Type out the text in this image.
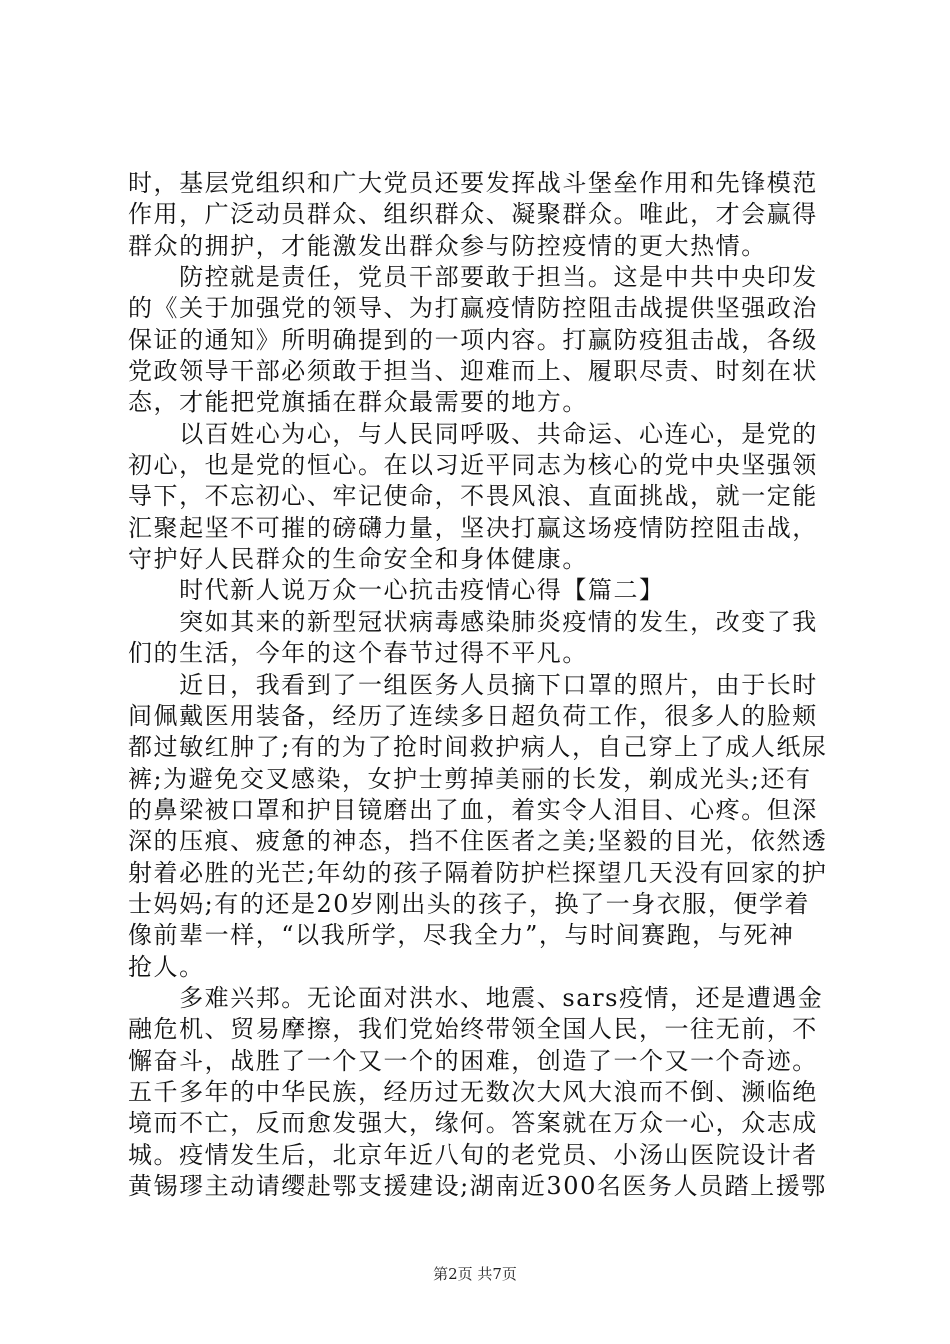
时，基层党组织和广大党员还要发挥战斗堡垒作用和先锋模范
作用，广泛动员群众、组织群众、凝聚群众。唯此，才会赢得
群众的拥护，才能激发出群众参与防控疫情的更大热情。
　　防控就是责任，党员干部要敢于担当。这是中共中央印发
的《关于加强党的领导、为打赢疫情防控阻击战提供坚强政治
保证的通知》所明确提到的一项内容。打赢防疫狙击战，各级
党政领导干部必须敢于担当、迎难而上、履职尽责、时刻在状
态，才能把党旗插在群众最需要的地方。
　　以百姓心为心，与人民同呼吸、共命运、心连心，是党的
初心，也是党的恒心。在以习近平同志为核心的党中央坚强领
导下，不忘初心、牢记使命，不畏风浪、直面挑战，就一定能
汇聚起坚不可摧的磅礴力量，坚决打赢这场疫情防控阻击战，
守护好人民群众的生命安全和身体健康。
　　时代新人说万众一心抗击疫情心得【篇二】
　　突如其来的新型冠状病毒感染肺炎疫情的发生，改变了我
们的生活，今年的这个春节过得不平凡。
　　近日，我看到了一组医务人员摘下口罩的照片，由于长时
间佩戴医用装备，经历了连续多日超负荷工作，很多人的脸颊
都过敏红肿了;有的为了抢时间救护病人，自己穿上了成人纸尿
裤;为避免交叉感染，女护士剪掉美丽的长发，剃成光头;还有
的鼻梁被口罩和护目镜磨出了血，着实令人泪目、心疼。但深
深的压痕、疲惫的神态，挡不住医者之美;坚毅的目光，依然透
射着必胜的光芒;年幼的孩子隔着防护栏探望几天没有回家的护
士妈妈;有的还是20岁刚出头的孩子，换了一身衣服，便学着
像前辈一样，“以我所学，尽我全力”，与时间赛跑，与死神
抢人。
　　多难兴邦。无论面对洪水、地震、sars疫情，还是遭遇金
融危机、贸易摩擦，我们党始终带领全国人民，一往无前，不
懈奋斗，战胜了一个又一个的困难，创造了一个又一个奇迹。
五千多年的中华民族，经历过无数次大风大浪而不倒、濒临绝
境而不亡，反而愈发强大，缘何。答案就在万众一心，众志成
城。疫情发生后，北京年近八旬的老党员、小汤山医院设计者
黄锡璆主动请缨赴鄂支援建设;湖南近300名医务人员踏上援鄂
第2页 共7页
